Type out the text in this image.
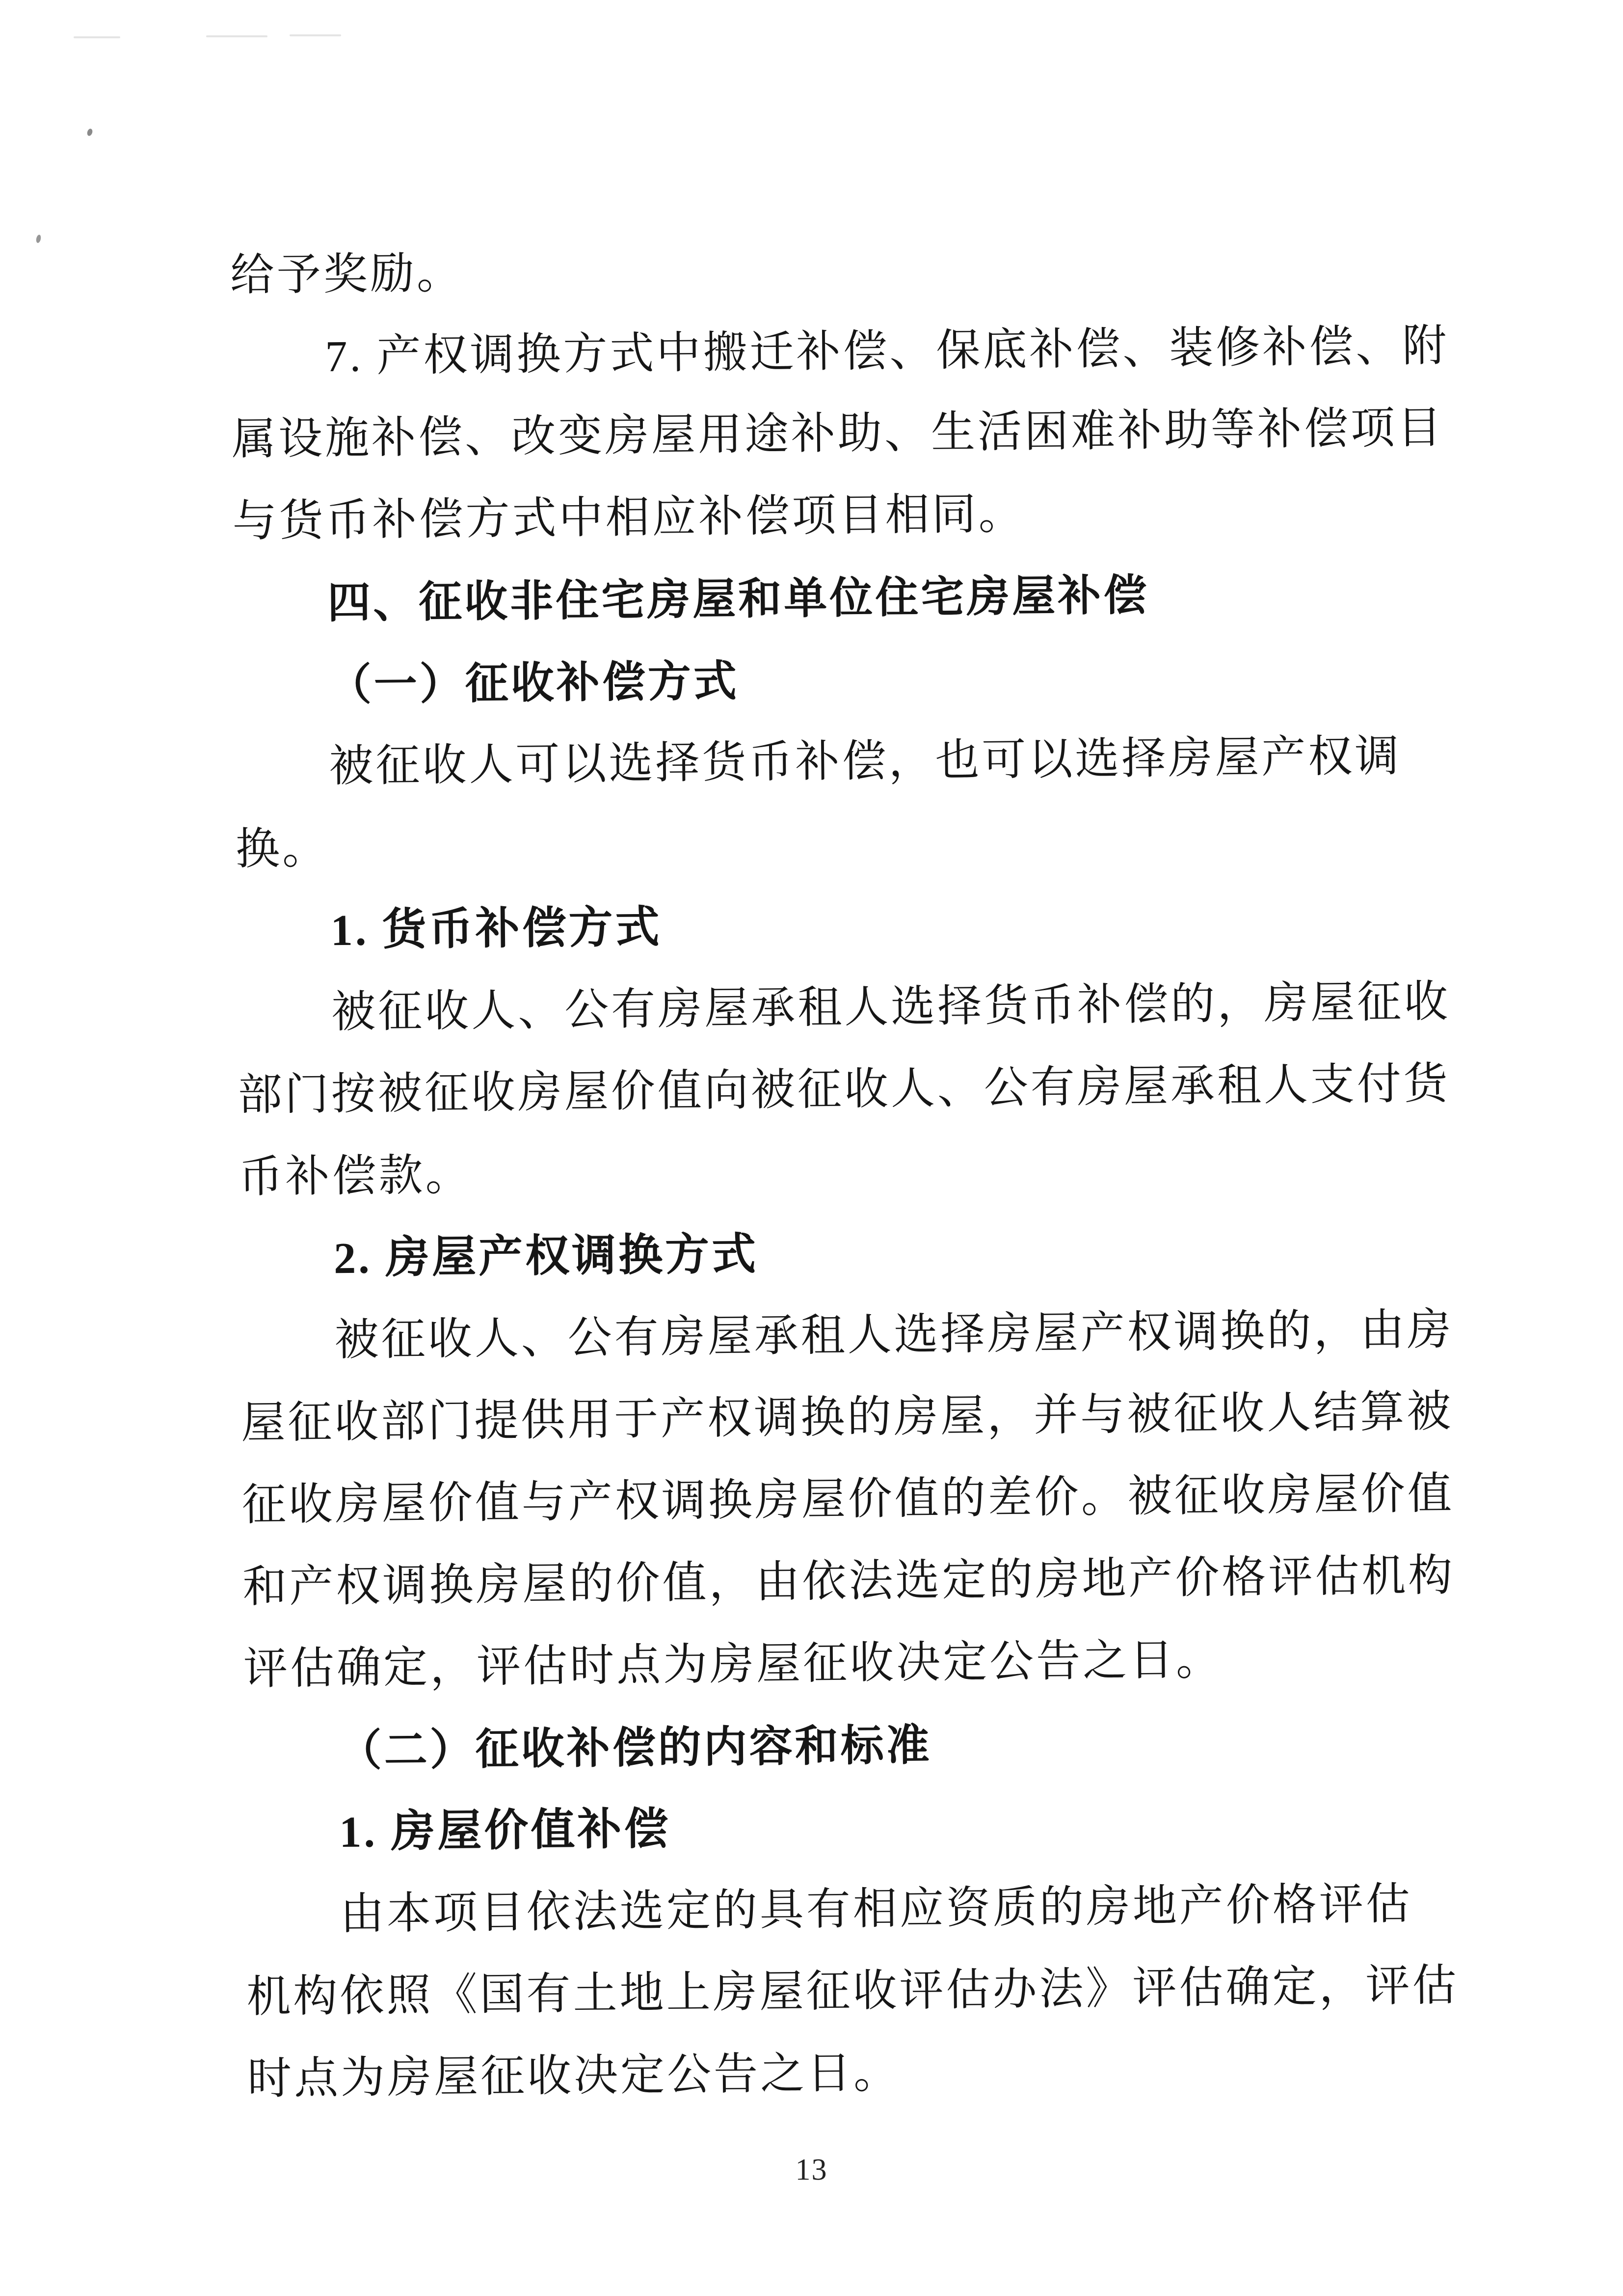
给予奖励。
7. 产权调换方式中搬迁补偿、保底补偿、装修补偿、附
属设施补偿、改变房屋用途补助、生活困难补助等补偿项目
与货币补偿方式中相应补偿项目相同。
四、征收非住宅房屋和单位住宅房屋补偿
（一）征收补偿方式
被征收人可以选择货币补偿，也可以选择房屋产权调
换。
1. 货币补偿方式
被征收人、公有房屋承租人选择货币补偿的，房屋征收
部门按被征收房屋价值向被征收人、公有房屋承租人支付货
币补偿款。
2. 房屋产权调换方式
被征收人、公有房屋承租人选择房屋产权调换的，由房
屋征收部门提供用于产权调换的房屋，并与被征收人结算被
征收房屋价值与产权调换房屋价值的差价。被征收房屋价值
和产权调换房屋的价值，由依法选定的房地产价格评估机构
评估确定，评估时点为房屋征收决定公告之日。
（二）征收补偿的内容和标准
1. 房屋价值补偿
由本项目依法选定的具有相应资质的房地产价格评估
机构依照《国有土地上房屋征收评估办法》评估确定，评估
时点为房屋征收决定公告之日。
13
